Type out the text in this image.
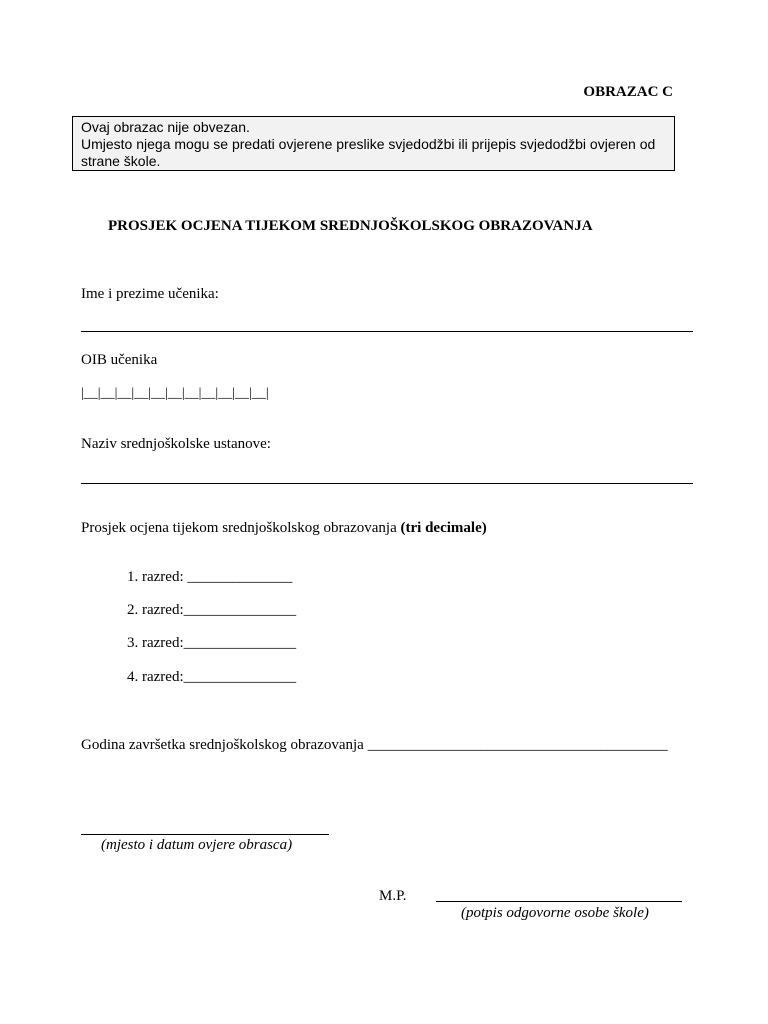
OBRAZAC C
Ovaj obrazac nije obvezan.
Umjesto njega mogu se predati ovjerene preslike svjedodžbi ili prijepis svjedodžbi ovjeren od
strane škole.
PROSJEK OCJENA TIJEKOM SREDNJOŠKOLSKOG OBRAZOVANJA
Ime i prezime učenika:
OIB učenika
|__|__|__|__|__|__|__|__|__|__|__|
Naziv srednjoškolske ustanove:
Prosjek ocjena tijekom srednjoškolskog obrazovanja (tri decimale)
1. razred: ______________
2. razred:_______________
3. razred:_______________
4. razred:_______________
Godina završetka srednjoškolskog obrazovanja ________________________________________
(mjesto i datum ovjere obrasca)
M.P.
(potpis odgovorne osobe škole)
